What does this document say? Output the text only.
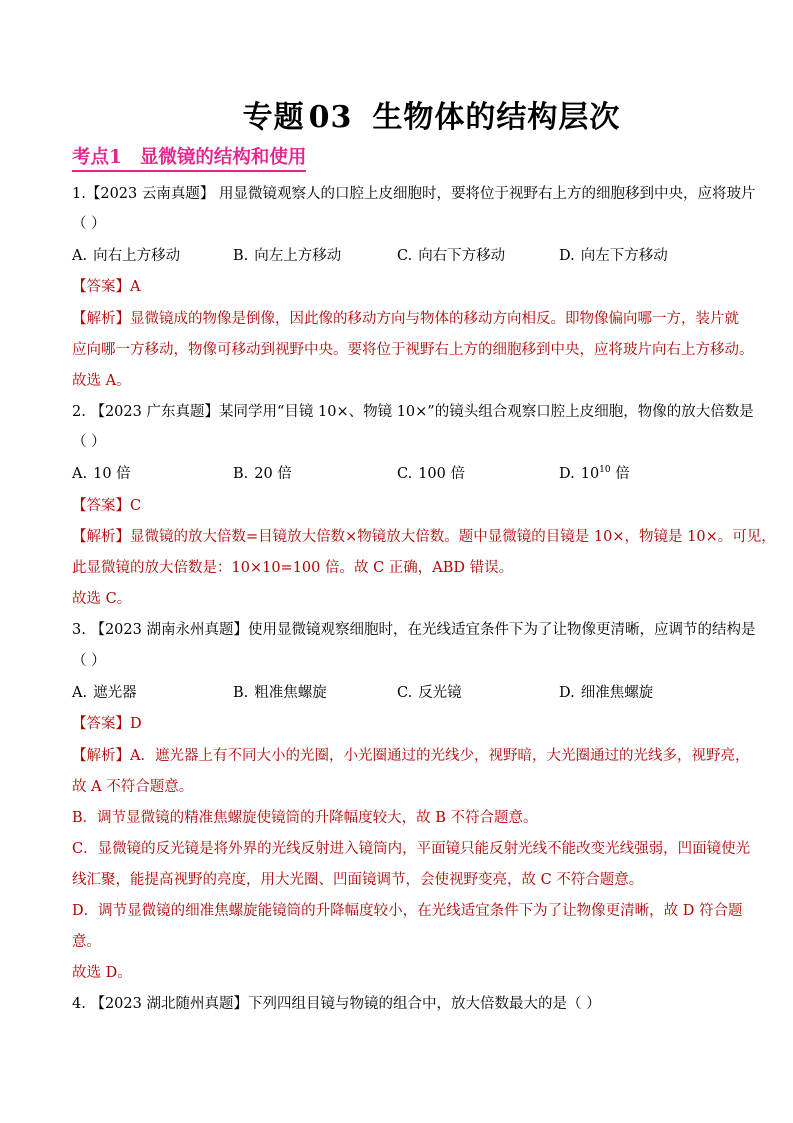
专题 03 生物体的结构层次
考点1 显微镜的结构和使用
1.【2023 云南真题】 用显微镜观察人的口腔上皮细胞时，要将位于视野右上方的细胞移到中央，应将玻片
（ ）
A. 向右上方移动	B. 向左上方移动	C. 向右下方移动	D. 向左下方移动
【答案】A
【解析】显微镜成的物像是倒像，因此像的移动方向与物体的移动方向相反。即物像偏向哪一方，装片就
应向哪一方移动，物像可移动到视野中央。要将位于视野右上方的细胞移到中央，应将玻片向右上方移动。
故选 A。
2. 【2023 广东真题】某同学用“目镜 10×、物镜 10×”的镜头组合观察口腔上皮细胞，物像的放大倍数是
（ ）
A. 10 倍	B. 20 倍	C. 100 倍	D. $10^{10}$ 倍
【答案】C
【解析】显微镜的放大倍数=目镜放大倍数×物镜放大倍数。题中显微镜的目镜是 10×，物镜是 10×。可见，
此显微镜的放大倍数是：10×10=100 倍。故 C 正确，ABD 错误。
故选 C。
3. 【2023 湖南永州真题】使用显微镜观察细胞时，在光线适宜条件下为了让物像更清晰，应调节的结构是
（ ）
A. 遮光器	B. 粗准焦螺旋	C. 反光镜	D. 细准焦螺旋
【答案】D
【解析】A．遮光器上有不同大小的光圈，小光圈通过的光线少，视野暗，大光圈通过的光线多，视野亮，
故 A 不符合题意。
B．调节显微镜的精准焦螺旋使镜筒的升降幅度较大，故 B 不符合题意。
C．显微镜的反光镜是将外界的光线反射进入镜筒内，平面镜只能反射光线不能改变光线强弱，凹面镜使光
线汇聚，能提高视野的亮度，用大光圈、凹面镜调节，会使视野变亮，故 C 不符合题意。
D．调节显微镜的细准焦螺旋能镜筒的升降幅度较小，在光线适宜条件下为了让物像更清晰，故 D 符合题
意。
故选 D。
4. 【2023 湖北随州真题】下列四组目镜与物镜的组合中，放大倍数最大的是（ ）
